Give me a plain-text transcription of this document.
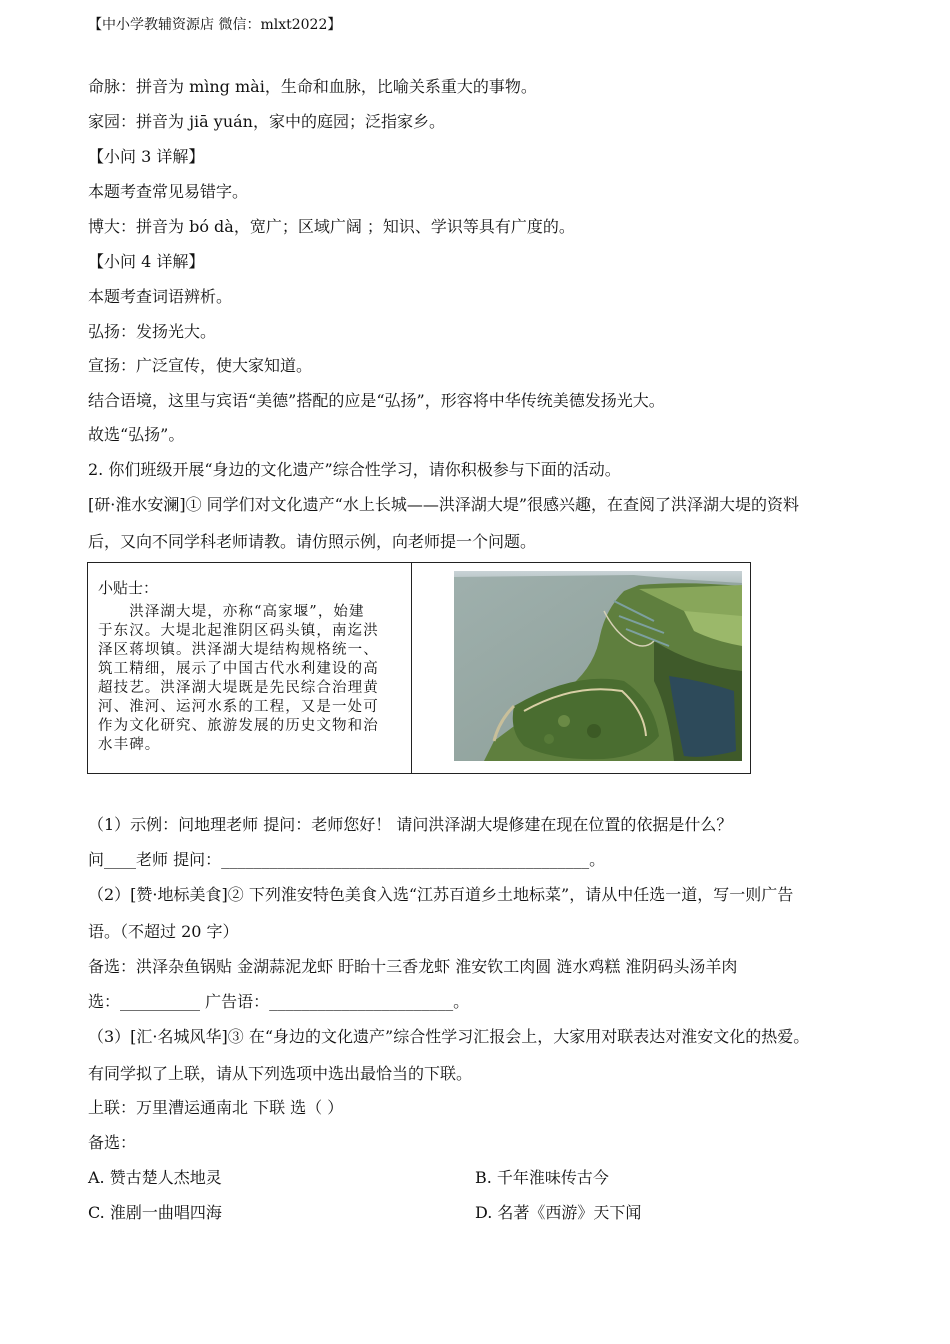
【中小学教辅资源店 微信：mlxt2022】
命脉：拼音为 mìng mài，生命和血脉，比喻关系重大的事物。
家园：拼音为 jiā yuán，家中的庭园；泛指家乡。
【小问 3 详解】
本题考查常见易错字。
博大：拼音为 bó dà，宽广；区域广阔 ；知识、学识等具有广度的。
【小问 4 详解】
本题考查词语辨析。
弘扬：发扬光大。
宣扬：广泛宣传，使大家知道。
结合语境，这里与宾语“美德”搭配的应是“弘扬”，形容将中华传统美德发扬光大。
故选“弘扬”。
2. 你们班级开展“身边的文化遗产”综合性学习，请你积极参与下面的活动。
[研·淮水安澜]① 同学们对文化遗产“水上长城——洪泽湖大堤”很感兴趣，在查阅了洪泽湖大堤的资料
后，又向不同学科老师请教。请仿照示例，向老师提一个问题。
小贴士：
　　洪泽湖大堤，亦称“高家堰”，始建
于东汉。大堤北起淮阴区码头镇，南迄洪
泽区蒋坝镇。洪泽湖大堤结构规格统一、
筑工精细，展示了中国古代水利建设的高
超技艺。洪泽湖大堤既是先民综合治理黄
河、淮河、运河水系的工程，又是一处可
作为文化研究、旅游发展的历史文物和治
水丰碑。
（1）示例：问地理老师 提问：老师您好！ 请问洪泽湖大堤修建在现在位置的依据是什么？
问____老师 提问：______________________________________________。
（2）[赞·地标美食]② 下列淮安特色美食入选“江苏百道乡土地标菜”，请从中任选一道，写一则广告
语。（不超过 20 字）
备选：洪泽杂鱼锅贴 金湖蒜泥龙虾 盱眙十三香龙虾 淮安钦工肉圆 涟水鸡糕 淮阴码头汤羊肉
选：__________ 广告语：_______________________。
（3）[汇·名城风华]③ 在“身边的文化遗产”综合性学习汇报会上，大家用对联表达对淮安文化的热爱。
有同学拟了上联，请从下列选项中选出最恰当的下联。
上联：万里漕运通南北 下联 选（ ）
备选：
A. 赞古楚人杰地灵	B. 千年淮味传古今
C. 淮剧一曲唱四海	D. 名著《西游》天下闻
